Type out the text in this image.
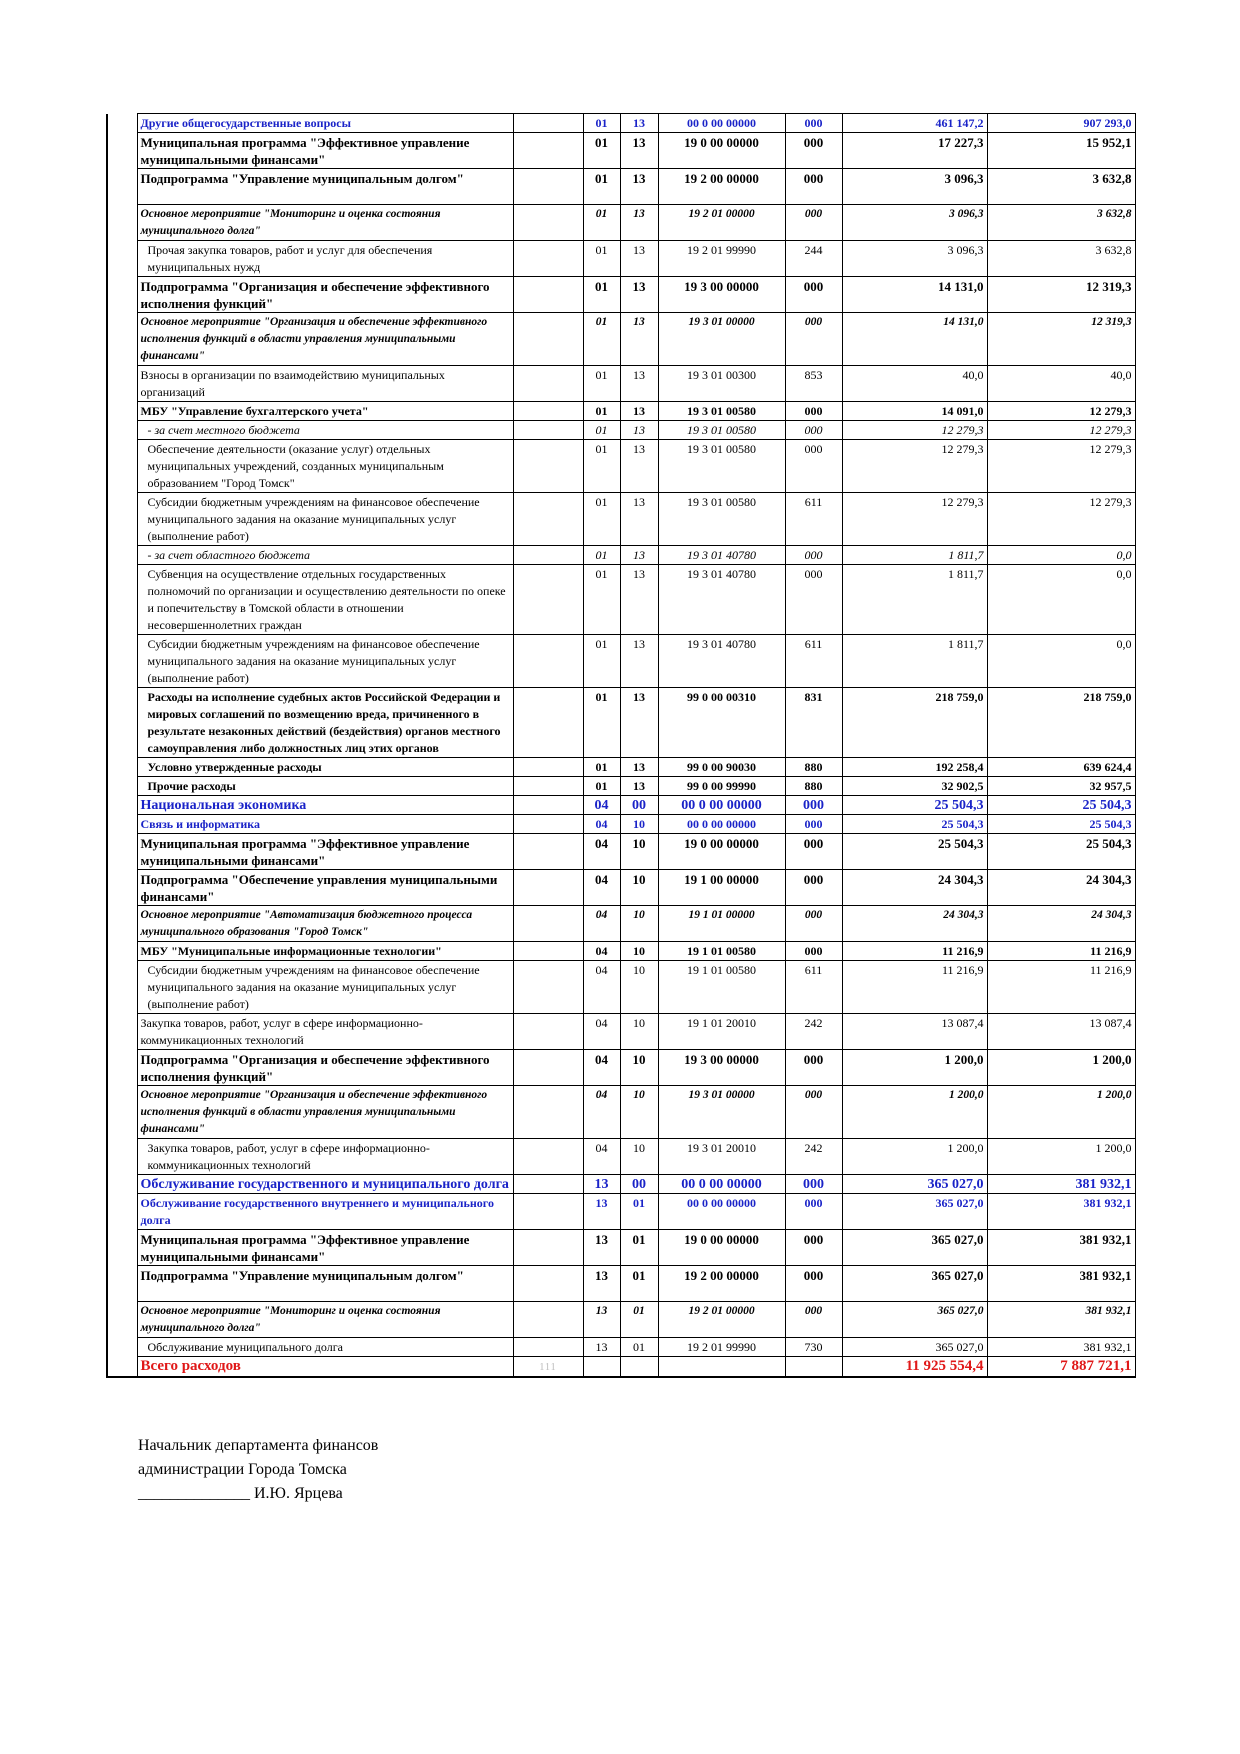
	Другие общегосударственные вопросы		01	13	00 0 00 00000	000	461 147,2	907 293,0
	Муниципальная программа "Эффективное управление муниципальными финансами"		01	13	19 0 00 00000	000	17 227,3	15 952,1
	Подпрограмма "Управление муниципальным долгом"		01	13	19 2 00 00000	000	3 096,3	3 632,8
	Основное мероприятие "Мониторинг и оценка состояния муниципального долга"		01	13	19 2 01 00000	000	3 096,3	3 632,8
	Прочая закупка товаров, работ и услуг для обеспечения муниципальных нужд		01	13	19 2 01 99990	244	3 096,3	3 632,8
	Подпрограмма "Организация и обеспечение эффективного исполнения функций"		01	13	19 3 00 00000	000	14 131,0	12 319,3
	Основное мероприятие "Организация и обеспечение эффективного исполнения функций в области управления муниципальными финансами"		01	13	19 3 01 00000	000	14 131,0	12 319,3
	Взносы в организации по взаимодействию муниципальных организаций		01	13	19 3 01 00300	853	40,0	40,0
	МБУ "Управление бухгалтерского учета"		01	13	19 3 01 00580	000	14 091,0	12 279,3
	- за счет местного бюджета		01	13	19 3 01 00580	000	12 279,3	12 279,3
	Обеспечение деятельности (оказание услуг) отдельных муниципальных учреждений, созданных муниципальным образованием "Город Томск"		01	13	19 3 01 00580	000	12 279,3	12 279,3
	Субсидии бюджетным учреждениям на финансовое обеспечение муниципального задания на оказание муниципальных услуг (выполнение работ)		01	13	19 3 01 00580	611	12 279,3	12 279,3
	- за счет областного бюджета		01	13	19 3 01 40780	000	1 811,7	0,0
	Субвенция на осуществление отдельных государственных полномочий по организации и осуществлению деятельности по опеке и попечительству в Томской области в отношении несовершеннолетних граждан		01	13	19 3 01 40780	000	1 811,7	0,0
	Субсидии бюджетным учреждениям на финансовое обеспечение муниципального задания на оказание муниципальных услуг (выполнение работ)		01	13	19 3 01 40780	611	1 811,7	0,0
	Расходы на исполнение судебных актов Российской Федерации и мировых соглашений по возмещению вреда, причиненного в результате незаконных действий (бездействия) органов местного самоуправления либо должностных лиц этих органов		01	13	99 0 00 00310	831	218 759,0	218 759,0
	Условно утвержденные расходы		01	13	99 0 00 90030	880	192 258,4	639 624,4
	Прочие расходы		01	13	99 0 00 99990	880	32 902,5	32 957,5
	Национальная экономика		04	00	00 0 00 00000	000	25 504,3	25 504,3
	Связь и информатика		04	10	00 0 00 00000	000	25 504,3	25 504,3
	Муниципальная программа "Эффективное управление муниципальными финансами"		04	10	19 0 00 00000	000	25 504,3	25 504,3
	Подпрограмма "Обеспечение управления муниципальными финансами"		04	10	19 1 00 00000	000	24 304,3	24 304,3
	Основное мероприятие "Автоматизация бюджетного процесса муниципального образования "Город Томск"		04	10	19 1 01 00000	000	24 304,3	24 304,3
	МБУ "Муниципальные информационные технологии"		04	10	19 1 01 00580	000	11 216,9	11 216,9
	Субсидии бюджетным учреждениям на финансовое обеспечение муниципального задания на оказание муниципальных услуг (выполнение работ)		04	10	19 1 01 00580	611	11 216,9	11 216,9
	Закупка товаров, работ, услуг в сфере информационно-коммуникационных технологий		04	10	19 1 01 20010	242	13 087,4	13 087,4
	Подпрограмма "Организация и обеспечение эффективного исполнения функций"		04	10	19 3 00 00000	000	1 200,0	1 200,0
	Основное мероприятие "Организация и обеспечение эффективного исполнения функций в области управления муниципальными финансами"		04	10	19 3 01 00000	000	1 200,0	1 200,0
	Закупка товаров, работ, услуг в сфере информационно-коммуникационных технологий		04	10	19 3 01 20010	242	1 200,0	1 200,0
	Обслуживание государственного и муниципального долга		13	00	00 0 00 00000	000	365 027,0	381 932,1
	Обслуживание государственного внутреннего и муниципального долга		13	01	00 0 00 00000	000	365 027,0	381 932,1
	Муниципальная программа "Эффективное управление муниципальными финансами"		13	01	19 0 00 00000	000	365 027,0	381 932,1
	Подпрограмма "Управление муниципальным долгом"		13	01	19 2 00 00000	000	365 027,0	381 932,1
	Основное мероприятие "Мониторинг и оценка состояния муниципального долга"		13	01	19 2 01 00000	000	365 027,0	381 932,1
	Обслуживание муниципального долга		13	01	19 2 01 99990	730	365 027,0	381 932,1
	Всего расходов	111					11 925 554,4	7 887 721,1
Начальник департамента финансов
администрации Города Томска
______________ И.Ю. Ярцева
